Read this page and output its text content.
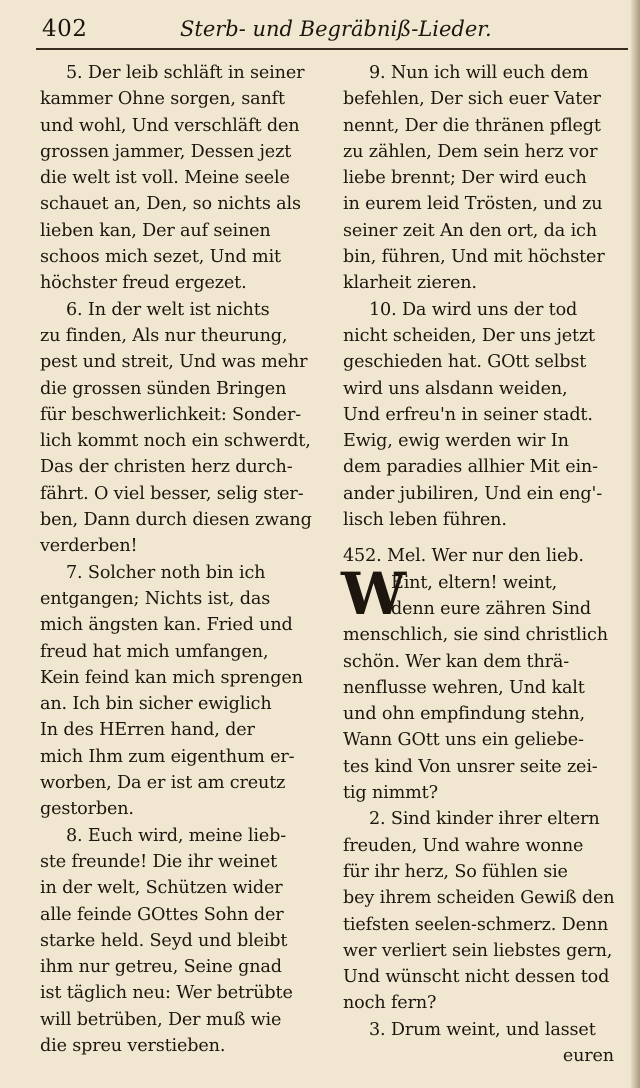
402	Sterb- und Begräbniß-Lieder.
5. Der leib schläft in seiner
kammer Ohne sorgen, sanft
und wohl, Und verschläft den
grossen jammer, Dessen jezt
die welt ist voll. Meine seele
schauet an, Den, so nichts als
lieben kan, Der auf seinen
schoos mich sezet, Und mit
höchster freud ergezet.
6. In der welt ist nichts
zu finden, Als nur theurung,
pest und streit, Und was mehr
die grossen sünden Bringen
für beschwerlichkeit: Sonder-
lich kommt noch ein schwerdt,
Das der christen herz durch-
fährt. O viel besser, selig ster-
ben, Dann durch diesen zwang
verderben!
7. Solcher noth bin ich
entgangen; Nichts ist, das
mich ängsten kan. Fried und
freud hat mich umfangen,
Kein feind kan mich sprengen
an. Ich bin sicher ewiglich
In des HErren hand, der
mich Ihm zum eigenthum er-
worben, Da er ist am creutz
gestorben.
8. Euch wird, meine lieb-
ste freunde! Die ihr weinet
in der welt, Schützen wider
alle feinde GOttes Sohn der
starke held. Seyd und bleibt
ihm nur getreu, Seine gnad
ist täglich neu: Wer betrübte
will betrüben, Der muß wie
die spreu verstieben.
9. Nun ich will euch dem
befehlen, Der sich euer Vater
nennt, Der die thränen pflegt
zu zählen, Dem sein herz vor
liebe brennt; Der wird euch
in eurem leid Trösten, und zu
seiner zeit An den ort, da ich
bin, führen, Und mit höchster
klarheit zieren.
10. Da wird uns der tod
nicht scheiden, Der uns jetzt
geschieden hat. GOtt selbst
wird uns alsdann weiden,
Und erfreu'n in seiner stadt.
Ewig, ewig werden wir In
dem paradies allhier Mit ein-
ander jubiliren, Und ein eng'-
lisch leben führen.
452. Mel. Wer nur den lieb.
W
Eint, eltern! weint,
denn eure zähren Sind
menschlich, sie sind christlich
schön. Wer kan dem thrä-
nenflusse wehren, Und kalt
und ohn empfindung stehn,
Wann GOtt uns ein geliebe-
tes kind Von unsrer seite zei-
tig nimmt?
2. Sind kinder ihrer eltern
freuden, Und wahre wonne
für ihr herz, So fühlen sie
bey ihrem scheiden Gewiß den
tiefsten seelen-schmerz. Denn
wer verliert sein liebstes gern,
Und wünscht nicht dessen tod
noch fern?
3. Drum weint, und lasset
euren
